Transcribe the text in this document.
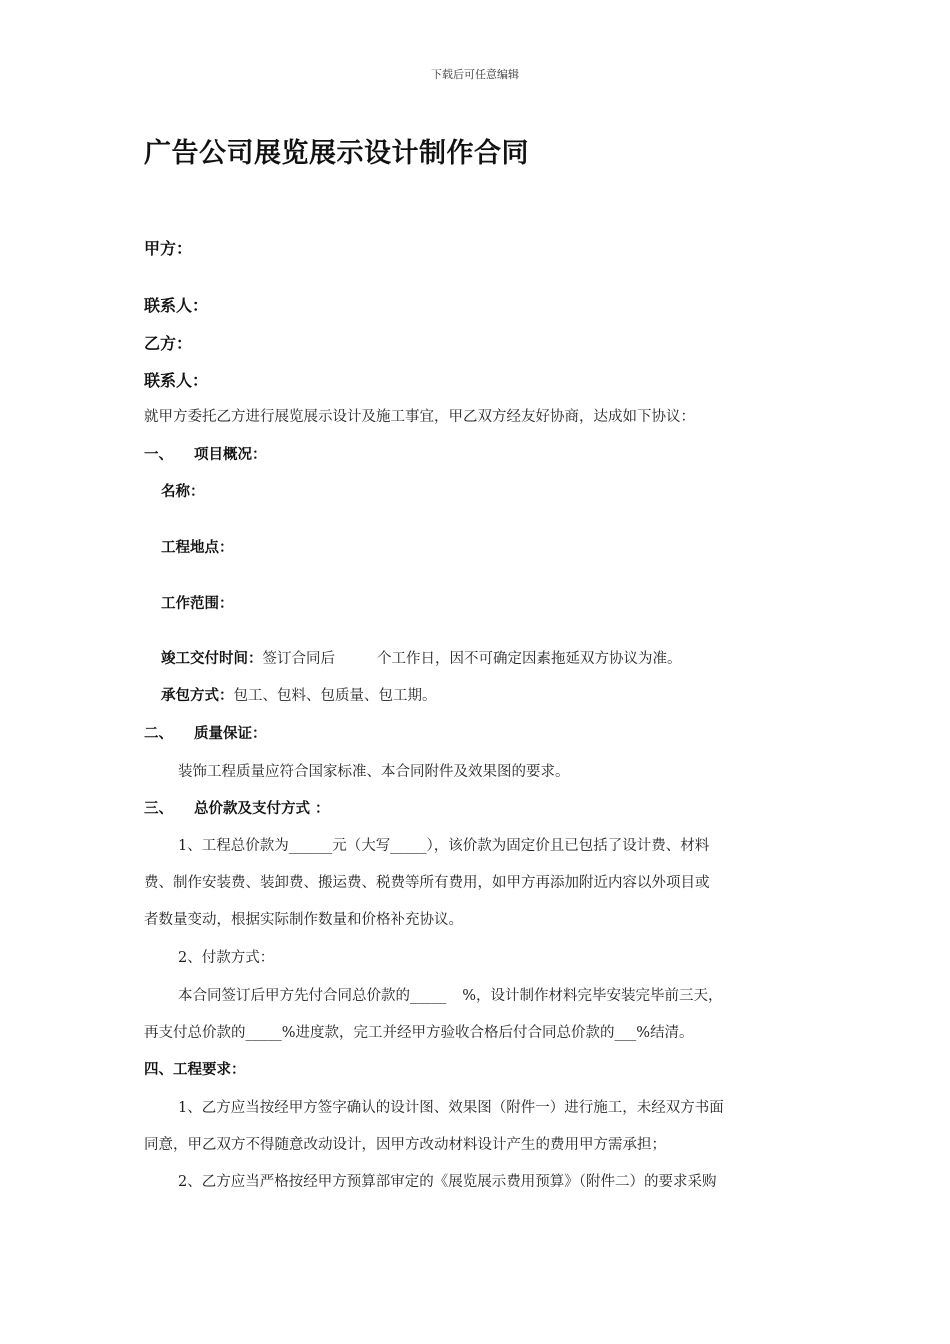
下载后可任意编辑
广告公司展览展示设计制作合同
甲方：
联系人：
乙方：
联系人：
就甲方委托乙方进行展览展示设计及施工事宜，甲乙双方经友好协商，达成如下协议：
一、 项目概况：
名称：
工程地点：
工作范围：
竣工交付时间：签订合同后	个工作日，因不可确定因素拖延双方协议为准。
承包方式：包工、包料、包质量、包工期。
二、 质量保证：
装饰工程质量应符合国家标准、本合同附件及效果图的要求。
三、 总价款及支付方式 ：
1、工程总价款为______元（大写_____），该价款为固定价且已包括了设计费、材料
费、制作安装费、装卸费、搬运费、税费等所有费用，如甲方再添加附近内容以外项目或
者数量变动，根据实际制作数量和价格补充协议。
2、付款方式：
本合同签订后甲方先付合同总价款的_____ %，设计制作材料完毕安装完毕前三天，
再支付总价款的_____%进度款，完工并经甲方验收合格后付合同总价款的___%结清。
四、工程要求：
1、乙方应当按经甲方签字确认的设计图、效果图（附件一）进行施工，未经双方书面
同意，甲乙双方不得随意改动设计，因甲方改动材料设计产生的费用甲方需承担；
2、乙方应当严格按经甲方预算部审定的《展览展示费用预算》（附件二）的要求采购
